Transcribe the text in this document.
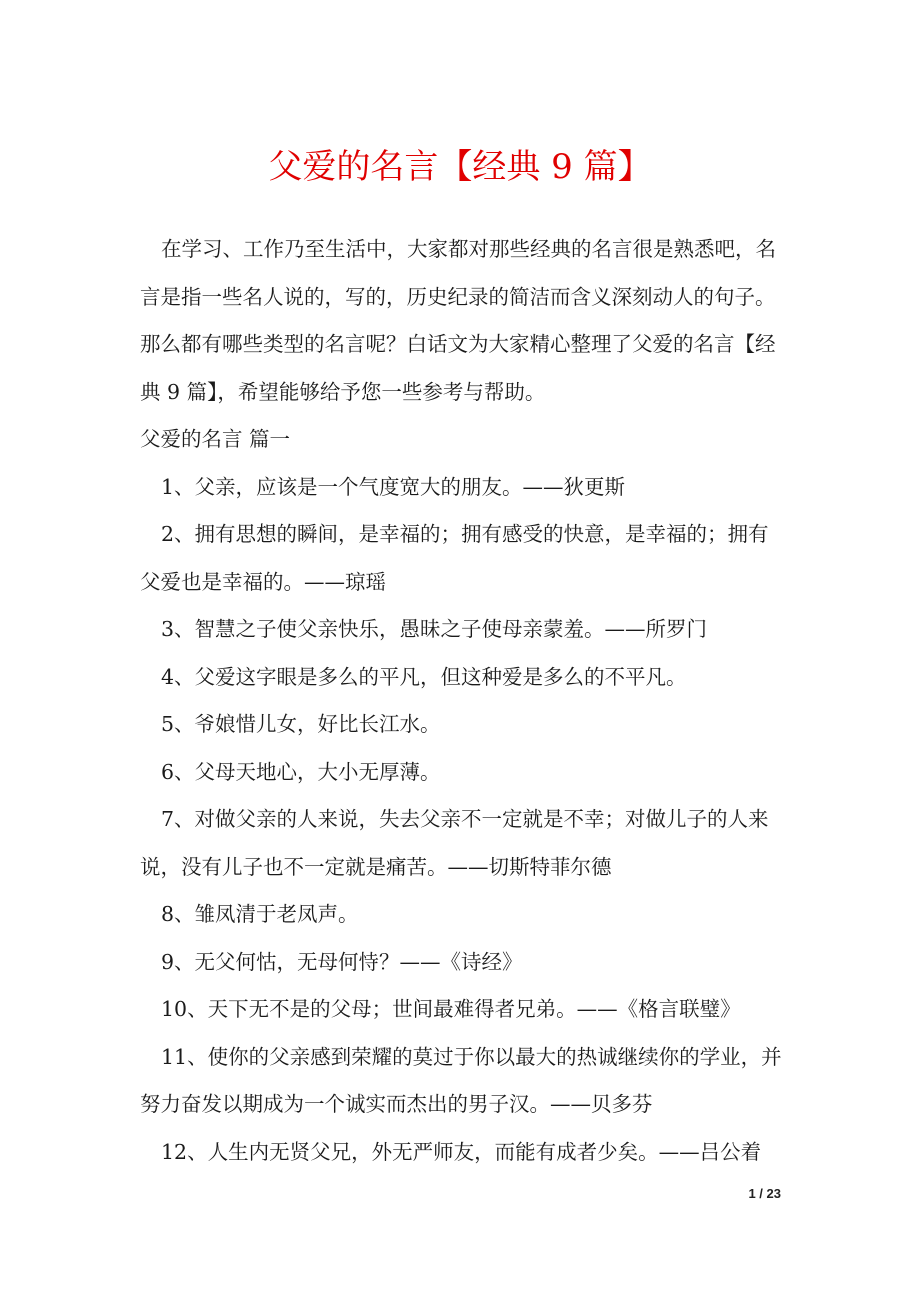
父爱的名言【经典 9 篇】

在学习、工作乃至生活中，大家都对那些经典的名言很是熟悉吧，名言是指一些名人说的，写的，历史纪录的简洁而含义深刻动人的句子。那么都有哪些类型的名言呢？白话文为大家精心整理了父爱的名言【经典 9 篇】，希望能够给予您一些参考与帮助。

父爱的名言 篇一

1、父亲，应该是一个气度宽大的朋友。——狄更斯

2、拥有思想的瞬间，是幸福的；拥有感受的快意，是幸福的；拥有父爱也是幸福的。——琼瑶

3、智慧之子使父亲快乐，愚昧之子使母亲蒙羞。——所罗门

4、父爱这字眼是多么的平凡，但这种爱是多么的不平凡。

5、爷娘惜儿女，好比长江水。

6、父母天地心，大小无厚薄。

7、对做父亲的人来说，失去父亲不一定就是不幸；对做儿子的人来说，没有儿子也不一定就是痛苦。——切斯特菲尔德

8、雏凤清于老凤声。

9、无父何怙，无母何恃？——《诗经》

10、天下无不是的父母；世间最难得者兄弟。——《格言联璧》

11、使你的父亲感到荣耀的莫过于你以最大的热诚继续你的学业，并努力奋发以期成为一个诚实而杰出的男子汉。——贝多芬

12、人生内无贤父兄，外无严师友，而能有成者少矣。——吕公着

1 / 23
